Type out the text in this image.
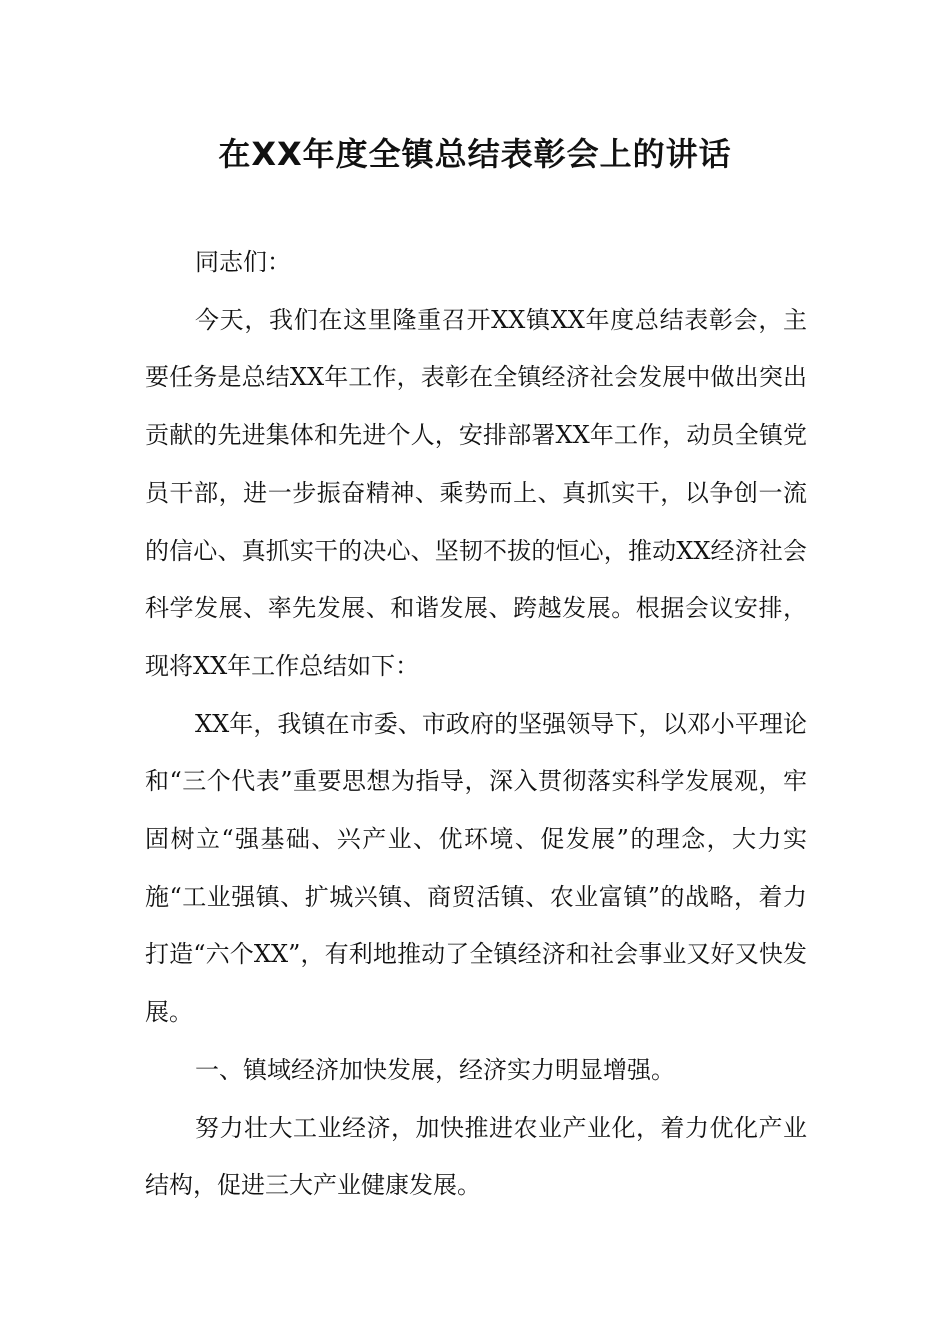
在XX年度全镇总结表彰会上的讲话

同志们：

今天，我们在这里隆重召开XX镇XX年度总结表彰会，主要任务是总结XX年工作，表彰在全镇经济社会发展中做出突出贡献的先进集体和先进个人，安排部署XX年工作，动员全镇党员干部，进一步振奋精神、乘势而上、真抓实干，以争创一流的信心、真抓实干的决心、坚韧不拔的恒心，推动XX经济社会科学发展、率先发展、和谐发展、跨越发展。根据会议安排，现将XX年工作总结如下：

XX年，我镇在市委、市政府的坚强领导下，以邓小平理论和“三个代表”重要思想为指导，深入贯彻落实科学发展观，牢固树立“强基础、兴产业、优环境、促发展”的理念，大力实施“工业强镇、扩城兴镇、商贸活镇、农业富镇”的战略，着力打造“六个XX”，有利地推动了全镇经济和社会事业又好又快发展。

一、镇域经济加快发展，经济实力明显增强。

努力壮大工业经济，加快推进农业产业化，着力优化产业结构，促进三大产业健康发展。
